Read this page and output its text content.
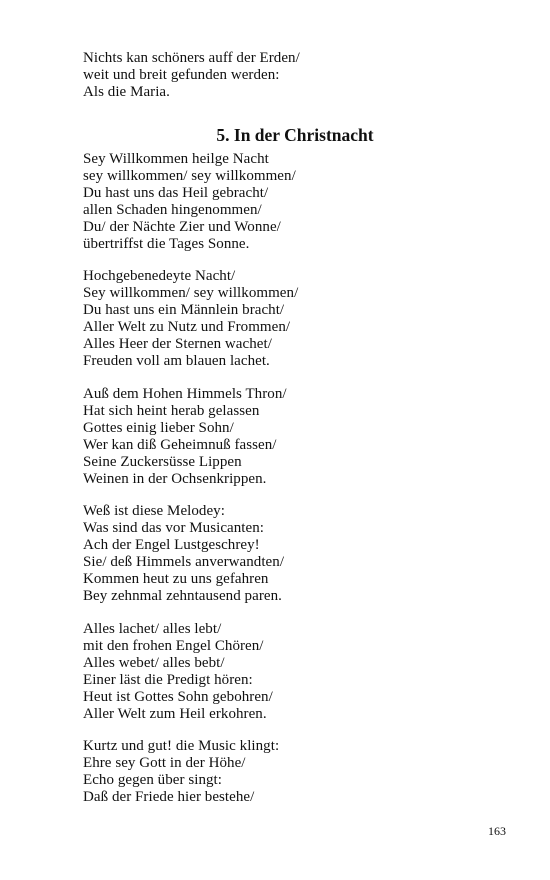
Nichts kan schöners auff der Erden/
weit und breit gefunden werden:
Als die Maria.
5. In der Christnacht
Sey Willkommen heilge Nacht
sey willkommen/ sey willkommen/
Du hast uns das Heil gebracht/
allen Schaden hingenommen/
Du/ der Nächte Zier und Wonne/
übertriffst die Tages Sonne.
Hochgebenedeyte Nacht/
Sey willkommen/ sey willkommen/
Du hast uns ein Männlein bracht/
Aller Welt zu Nutz und Frommen/
Alles Heer der Sternen wachet/
Freuden voll am blauen lachet.
Auß dem Hohen Himmels Thron/
Hat sich heint herab gelassen
Gottes einig lieber Sohn/
Wer kan diß Geheimnuß fassen/
Seine Zuckersüsse Lippen
Weinen in der Ochsenkrippen.
Weß ist diese Melodey:
Was sind das vor Musicanten:
Ach der Engel Lustgeschrey!
Sie/ deß Himmels anverwandten/
Kommen heut zu uns gefahren
Bey zehnmal zehntausend paren.
Alles lachet/ alles lebt/
mit den frohen Engel Chören/
Alles webet/ alles bebt/
Einer läst die Predigt hören:
Heut ist Gottes Sohn gebohren/
Aller Welt zum Heil erkohren.
Kurtz und gut! die Music klingt:
Ehre sey Gott in der Höhe/
Echo gegen über singt:
Daß der Friede hier bestehe/
163
